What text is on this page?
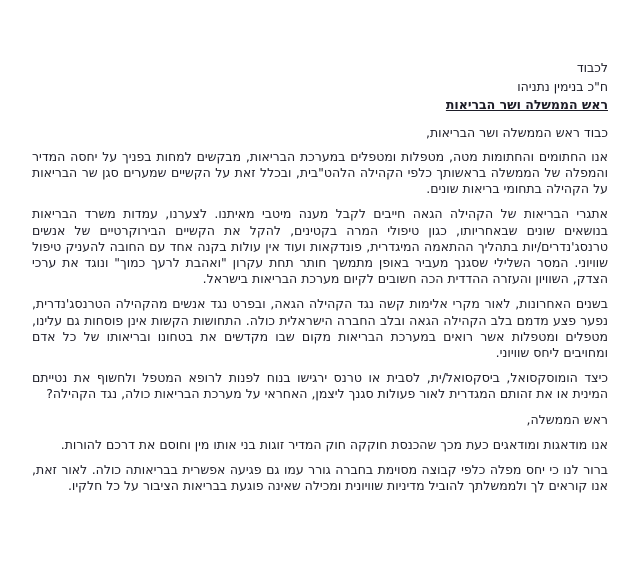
לכבוד

ח"כ בנימין נתניהו

ראש הממשלה ושר הבריאות

כבוד ראש הממשלה ושר הבריאות,

אנו החתומים והחתומות מטה, מטפלות ומטפלים במערכת הבריאות, מבקשים למחות בפניך על יחסה המדיר והמפלה של הממשלה בראשותך כלפי הקהילה הלהט"בית, ובכלל זאת על הקשיים שמערים סגן שר הבריאות על הקהילה בתחומי בריאות שונים.

אתגרי הבריאות של הקהילה הגאה חייבים לקבל מענה מיטבי מאיתנו. לצערנו, עמדות משרד הבריאות בנושאים שונים שבאחריותו, כגון טיפולי המרה בקטינים, להקל את הקשיים הבירוקרטיים של אנשים טרנסג'נדרים/יות בתהליך ההתאמה המיגדרית, פונדקאות ועוד אין עולות בקנה אחד עם החובה להעניק טיפול שוויוני. המסר השלילי שסגנך מעביר באופן מתמשך חותר תחת עקרון "ואהבת לרעך כמוך" ונוגד את ערכי הצדק, השוויון והעזרה ההדדית הכה חשובים לקיום מערכת הבריאות בישראל.

בשנים האחרונות, לאור מקרי אלימות קשה נגד הקהילה הגאה, ובפרט נגד אנשים מהקהילה הטרנסג'נדרית, נפער פצע מדמם בלב הקהילה הגאה ובלב החברה הישראלית כולה. התחושות הקשות אינן פוסחות גם עלינו, מטפלים ומטפלות אשר רואים במערכת הבריאות מקום שבו מקדשים את בטחונו ובריאותו של כל אדם ומחויבים ליחס שוויוני.

כיצד הומוסקסואל, ביסקסואל/ית, לסבית או טרנס ירגישו בנוח לפנות לרופא המטפל ולחשוף את נטייתם המינית או את זהותם המגדרית לאור פעולות סגנך ליצמן, האחראי על מערכת הבריאות כולה, נגד הקהילה?

ראש הממשלה,

אנו מודאגות ומודאגים כעת מכך שהכנסת חוקקה חוק המדיר זוגות בני אותו מין וחוסם את דרכם להורות.

ברור לנו כי יחס מפלה כלפי קבוצה מסוימת בחברה גורר עמו גם פגיעה אפשרית בבריאותה כולה. לאור זאת, אנו קוראים לך ולממשלתך להוביל מדיניות שוויונית ומכילה שאינה פוגעת בבריאות הציבור על כל חלקיו.
